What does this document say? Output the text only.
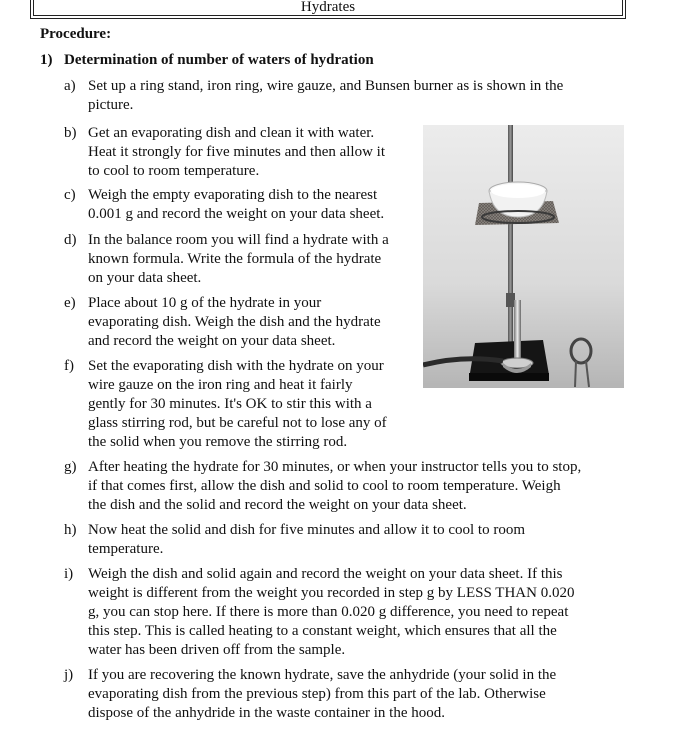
Hydrates
Procedure:
1) Determination of number of waters of hydration
a) Set up a ring stand, iron ring, wire gauze, and Bunsen burner as is shown in the
picture.
b) Get an evaporating dish and clean it with water.
Heat it strongly for five minutes and then allow it
to cool to room temperature.
c) Weigh the empty evaporating dish to the nearest
0.001 g and record the weight on your data sheet.
d) In the balance room you will find a hydrate with a
known formula. Write the formula of the hydrate
on your data sheet.
e) Place about 10 g of the hydrate in your
evaporating dish. Weigh the dish and the hydrate
and record the weight on your data sheet.
f) Set the evaporating dish with the hydrate on your
wire gauze on the iron ring and heat it fairly
gently for 30 minutes. It's OK to stir this with a
glass stirring rod, but be careful not to lose any of
the solid when you remove the stirring rod.
g) After heating the hydrate for 30 minutes, or when your instructor tells you to stop,
if that comes first, allow the dish and solid to cool to room temperature. Weigh
the dish and the solid and record the weight on your data sheet.
h) Now heat the solid and dish for five minutes and allow it to cool to room
temperature.
i) Weigh the dish and solid again and record the weight on your data sheet. If this
weight is different from the weight you recorded in step g by LESS THAN 0.020
g, you can stop here. If there is more than 0.020 g difference, you need to repeat
this step. This is called heating to a constant weight, which ensures that all the
water has been driven off from the sample.
j) If you are recovering the known hydrate, save the anhydride (your solid in the
evaporating dish from the previous step) from this part of the lab. Otherwise
dispose of the anhydride in the waste container in the hood.
